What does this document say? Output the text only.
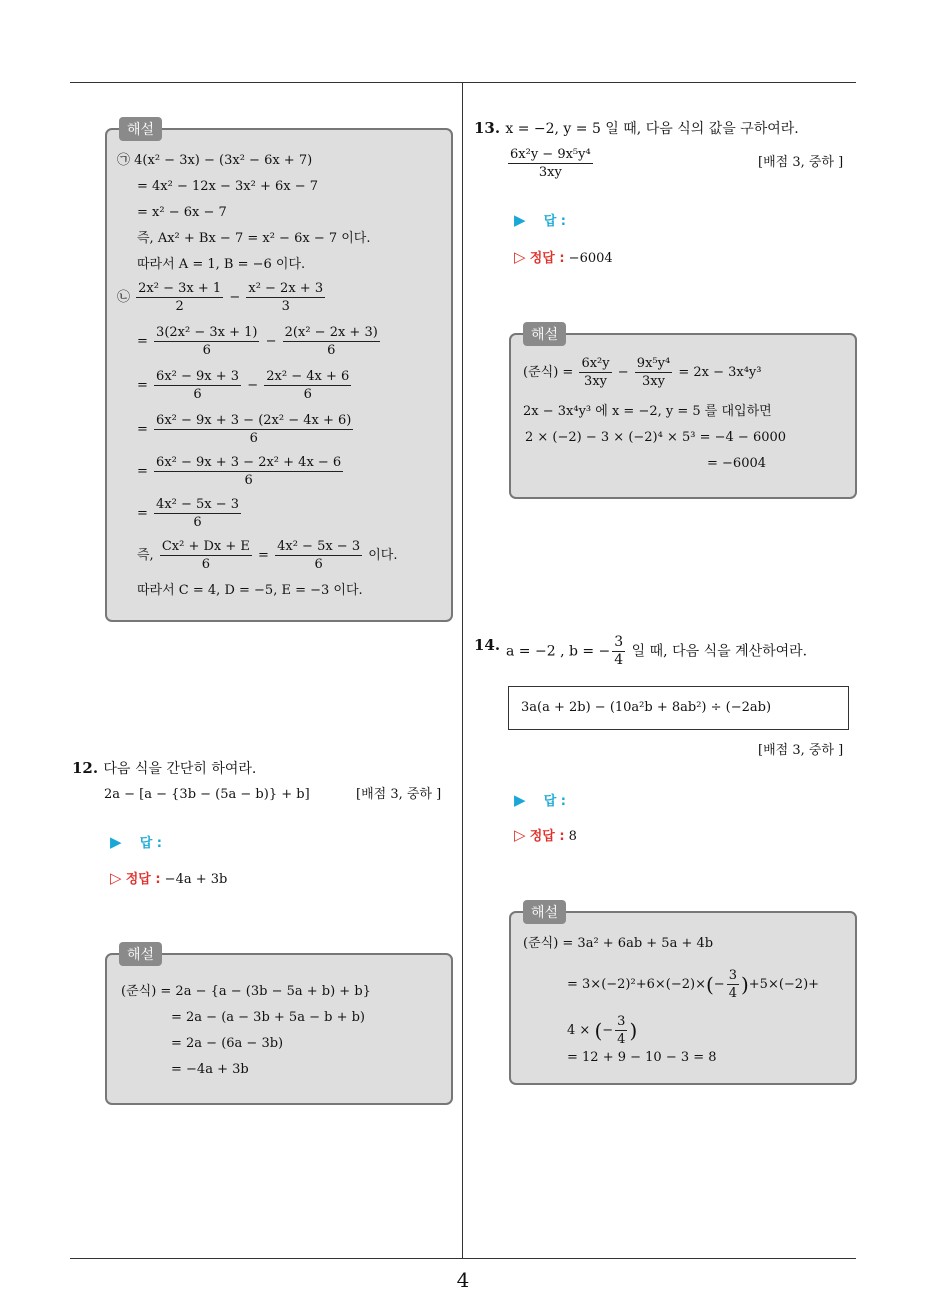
㉠ 4(x² − 3x) − (3x² − 6x + 7)
= 4x² − 12x − 3x² + 6x − 7
= x² − 6x − 7
즉, Ax² + Bx − 7 = x² − 6x − 7 이다.
따라서 A = 1, B = −6 이다.
㉡ $\frac{\text{2x² − 3x + 1}}{2} - \frac{\text{x² − 2x + 3}}{3}$
= $\frac{\text{3(2x² − 3x + 1)}}{6} - \frac{\text{2(x² − 2x + 3)}}{6}$
= $\frac{\text{6x² − 9x + 3}}{6} - \frac{\text{2x² − 4x + 6}}{6}$
= $\frac{\text{6x² − 9x + 3 − (2x² − 4x + 6)}}{6}$
= $\frac{\text{6x² − 9x + 3 − 2x² + 4x − 6}}{6}$
= $\frac{\text{4x² − 5x − 3}}{6}$
즉, $\frac{\text{Cx² + Dx + E}}{6} = \frac{\text{4x² − 5x − 3}}{6}$ 이다.
따라서 C = 4, D = −5, E = −3 이다.
해설
12. 다음 식을 간단히 하여라.
2a − [a − {3b − (5a − b)} + b]	[배점 3, 중하 ]
▶ 답 :
▷ 정답 : −4a + 3b
(준식) = 2a − {a − (3b − 5a + b) + b}
= 2a − (a − 3b + 5a − b + b)
= 2a − (6a − 3b)
= −4a + 3b
해설
13. x = −2, y = 5 일 때, 다음 식의 값을 구하여라.
$\frac{\text{6x²y − 9x⁵y⁴}}{3xy}$	[배점 3, 중하 ]
▶ 답 :
▷ 정답 : −6004
(준식) = $\frac{\text{6x²y}}{3xy} - \frac{\text{9x⁵y⁴}}{3xy} = 2x - 3x^4y^3$
2x − 3x⁴y³ 에 x = −2, y = 5 를 대입하면
2 × (−2) − 3 × (−2)⁴ × 5³ = −4 − 6000
= −6004
해설
14. a = −2 , b = − $\frac{3}{4}$ 일 때, 다음 식을 계산하여라.
3a(a + 2b) − (10a²b + 8ab²) ÷ (−2ab)
[배점 3, 중하 ]
▶ 답 :
▷ 정답 : 8
(준식) = 3a² + 6ab + 5a + 4b
= $3\times(-2)^2+6\times(-2)\times(- \frac{3}{4} )+5\times(-2)+$
4 × (− $\frac{3}{4}$ )
= 12 + 9 − 10 − 3 = 8
해설
4
